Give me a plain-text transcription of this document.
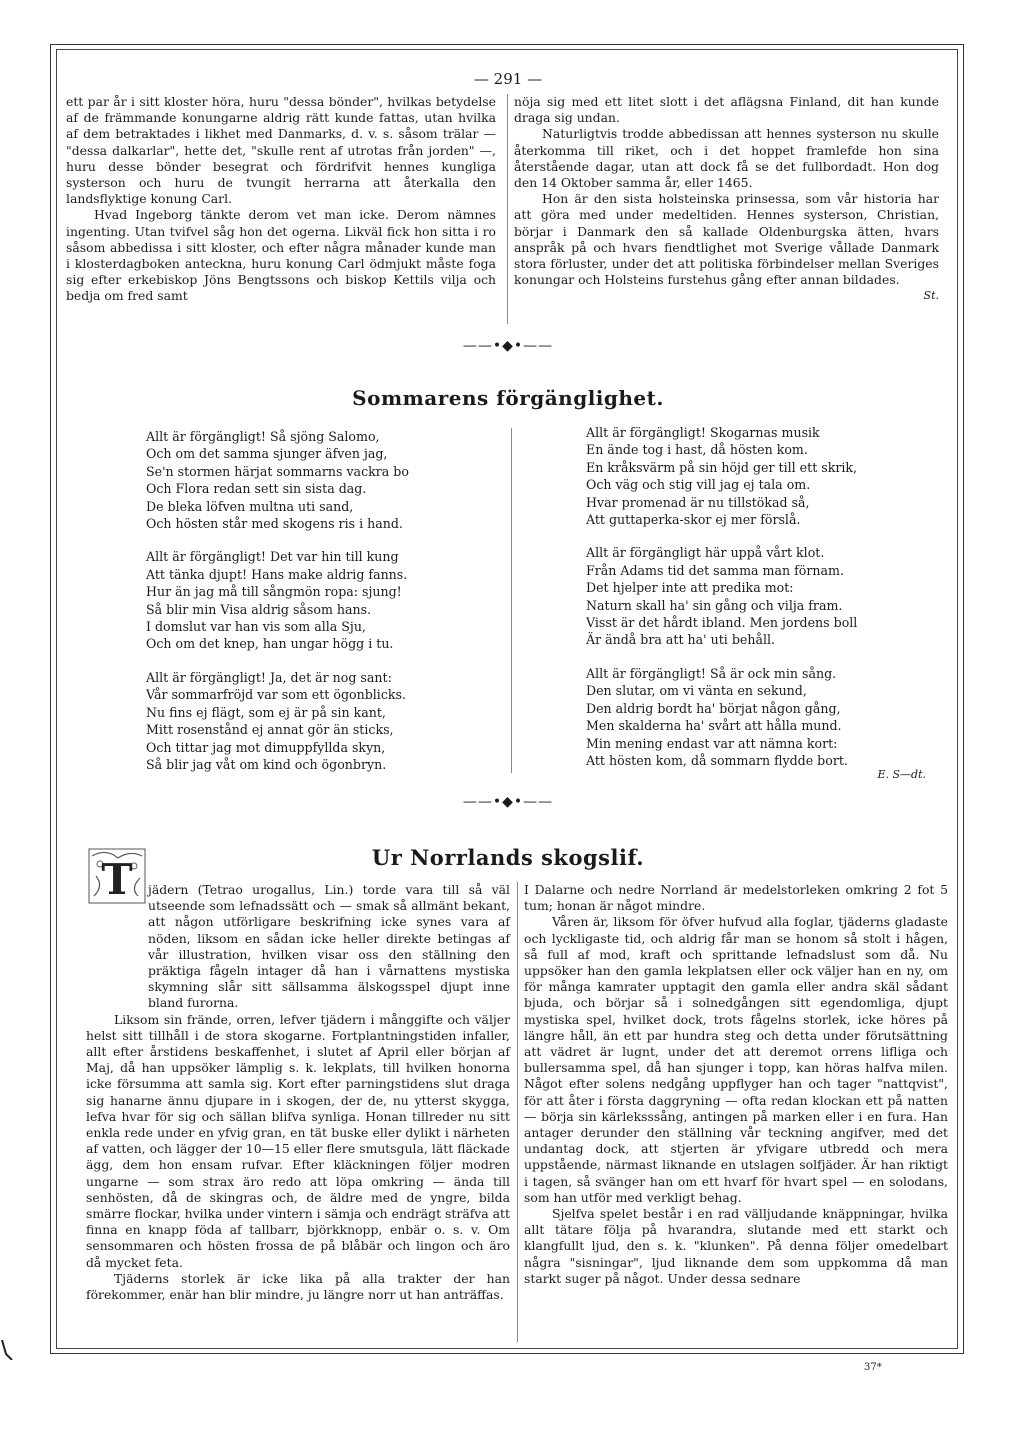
— 291 —

ett par år i sitt kloster höra, huru "dessa bönder", hvilkas betydelse af de främmande konungarne aldrig rätt kunde fattas, utan hvilka af dem betraktades i likhet med Danmarks, d. v. s. såsom trälar — "dessa dalkarlar", hette det, "skulle rent af utrotas från jorden" —, huru desse bönder besegrat och fördrifvit hennes kungliga systerson och huru de tvungit herrarna att återkalla den landsflyktige konung Carl.

Hvad Ingeborg tänkte derom vet man icke. Derom nämnes ingenting. Utan tvifvel såg hon det ogerna. Likväl fick hon sitta i ro såsom abbedissa i sitt kloster, och efter några månader kunde man i klosterdagboken anteckna, huru konung Carl ödmjukt måste foga sig efter erkebiskop Jöns Bengtssons och biskop Kettils vilja och bedja om fred samt

nöja sig med ett litet slott i det aflägsna Finland, dit han kunde draga sig undan.

Naturligtvis trodde abbedissan att hennes systerson nu skulle återkomma till riket, och i det hoppet framlefde hon sina återstående dagar, utan att dock få se det fullbordadt. Hon dog den 14 Oktober samma år, eller 1465.

Hon är den sista holsteinska prinsessa, som vår historia har att göra med under medeltiden. Hennes systerson, Christian, börjar i Danmark den så kallade Oldenburgska ätten, hvars anspråk på och hvars fiendtlighet mot Sverige vållade Danmark stora förluster, under det att politiska förbindelser mellan Sveriges konungar och Holsteins furstehus gång efter annan bildades.

St.

——•◆•——
Sommarens förgänglighet.
Allt är förgängligt! Så sjöng Salomo,
Och om det samma sjunger äfven jag,
Se'n stormen härjat sommarns vackra bo
Och Flora redan sett sin sista dag.
De bleka löfven multna uti sand,
Och hösten står med skogens ris i hand.
Allt är förgängligt! Det var hin till kung
Att tänka djupt! Hans make aldrig fanns.
Hur än jag må till sångmön ropa: sjung!
Så blir min Visa aldrig såsom hans.
I domslut var han vis som alla Sju,
Och om det knep, han ungar högg i tu.
Allt är förgängligt! Ja, det är nog sant:
Vår sommarfröjd var som ett ögonblicks.
Nu fins ej flägt, som ej är på sin kant,
Mitt rosenstånd ej annat gör än sticks,
Och tittar jag mot dimuppfyllda skyn,
Så blir jag våt om kind och ögonbryn.
Allt är förgängligt! Skogarnas musik
En ände tog i hast, då hösten kom.
En kråksvärm på sin höjd ger till ett skrik,
Och väg och stig vill jag ej tala om.
Hvar promenad är nu tillstökad så,
Att guttaperka-skor ej mer förslå.
Allt är förgängligt här uppå vårt klot.
Från Adams tid det samma man förnam.
Det hjelper inte att predika mot:
Naturn skall ha' sin gång och vilja fram.
Visst är det hårdt ibland. Men jordens boll
Är ändå bra att ha' uti behåll.
Allt är förgängligt! Så är ock min sång.
Den slutar, om vi vänta en sekund,
Den aldrig bordt ha' börjat någon gång,
Men skalderna ha' svårt att hålla mund.
Min mening endast var att nämna kort:
Att hösten kom, då sommarn flydde bort.
E. S—dt.
——•◆•——
Ur Norrlands skogslif.
T	jädern (Tetrao urogallus, Lin.) torde vara till så väl utseende som lefnadssätt och — smak så allmänt bekant, att någon utförligare beskrifning icke synes vara af nöden, liksom en sådan icke heller direkte betingas af vår illustration, hvilken visar oss den ställning den präktiga fågeln intager då han i vårnattens mystiska skymning slår sitt sällsamma älskogsspel djupt inne bland furorna.

Liksom sin frände, orren, lefver tjädern i månggifte och väljer helst sitt tillhåll i de stora skogarne. Fortplantningstiden infaller, allt efter årstidens beskaffenhet, i slutet af April eller början af Maj, då han uppsöker lämplig s. k. lekplats, till hvilken honorna icke försumma att samla sig. Kort efter parningstidens slut draga sig hanarne ännu djupare in i skogen, der de, nu ytterst skygga, lefva hvar för sig och sällan blifva synliga. Honan tillreder nu sitt enkla rede under en yfvig gran, en tät buske eller dylikt i närheten af vatten, och lägger der 10—15 eller flere smutsgula, lätt fläckade ägg, dem hon ensam rufvar. Efter kläckningen följer modren ungarne — som strax äro redo att löpa omkring — ända till senhösten, då de skingras och, de äldre med de yngre, bilda smärre flockar, hvilka under vintern i sämja och endrägt sträfva att finna en knapp föda af tallbarr, björkknopp, enbär o. s. v. Om sensommaren och hösten frossa de på blåbär och lingon och äro då mycket feta.

Tjäderns storlek är icke lika på alla trakter der han förekommer, enär han blir mindre, ju längre norr ut han anträffas.

I Dalarne och nedre Norrland är medelstorleken omkring 2 fot 5 tum; honan är något mindre.

Våren är, liksom för öfver hufvud alla foglar, tjäderns gladaste och lyckligaste tid, och aldrig får man se honom så stolt i hågen, så full af mod, kraft och sprittande lefnadslust som då. Nu uppsöker han den gamla lekplatsen eller ock väljer han en ny, om för många kamrater upptagit den gamla eller andra skäl sådant bjuda, och börjar så i solnedgången sitt egendomliga, djupt mystiska spel, hvilket dock, trots fågelns storlek, icke höres på längre håll, än ett par hundra steg och detta under förutsättning att vädret är lugnt, under det att deremot orrens lifliga och bullersamma spel, då han sjunger i topp, kan höras halfva milen. Något efter solens nedgång uppflyger han och tager "nattqvist", för att åter i första daggryning — ofta redan klockan ett på natten — börja sin kärleksssång, antingen på marken eller i en fura. Han antager derunder den ställning vår teckning angifver, med det undantag dock, att stjerten är yfvigare utbredd och mera uppstående, närmast liknande en utslagen solfjäder. Är han riktigt i tagen, så svänger han om ett hvarf för hvart spel — en solodans, som han utför med verkligt behag.

Sjelfva spelet består i en rad välljudande knäppningar, hvilka allt tätare följa på hvarandra, slutande med ett starkt och klangfullt ljud, den s. k. "klunken". På denna följer omedelbart några "sisningar", ljud liknande dem som uppkomma då man starkt suger på något. Under dessa sednare

37*
